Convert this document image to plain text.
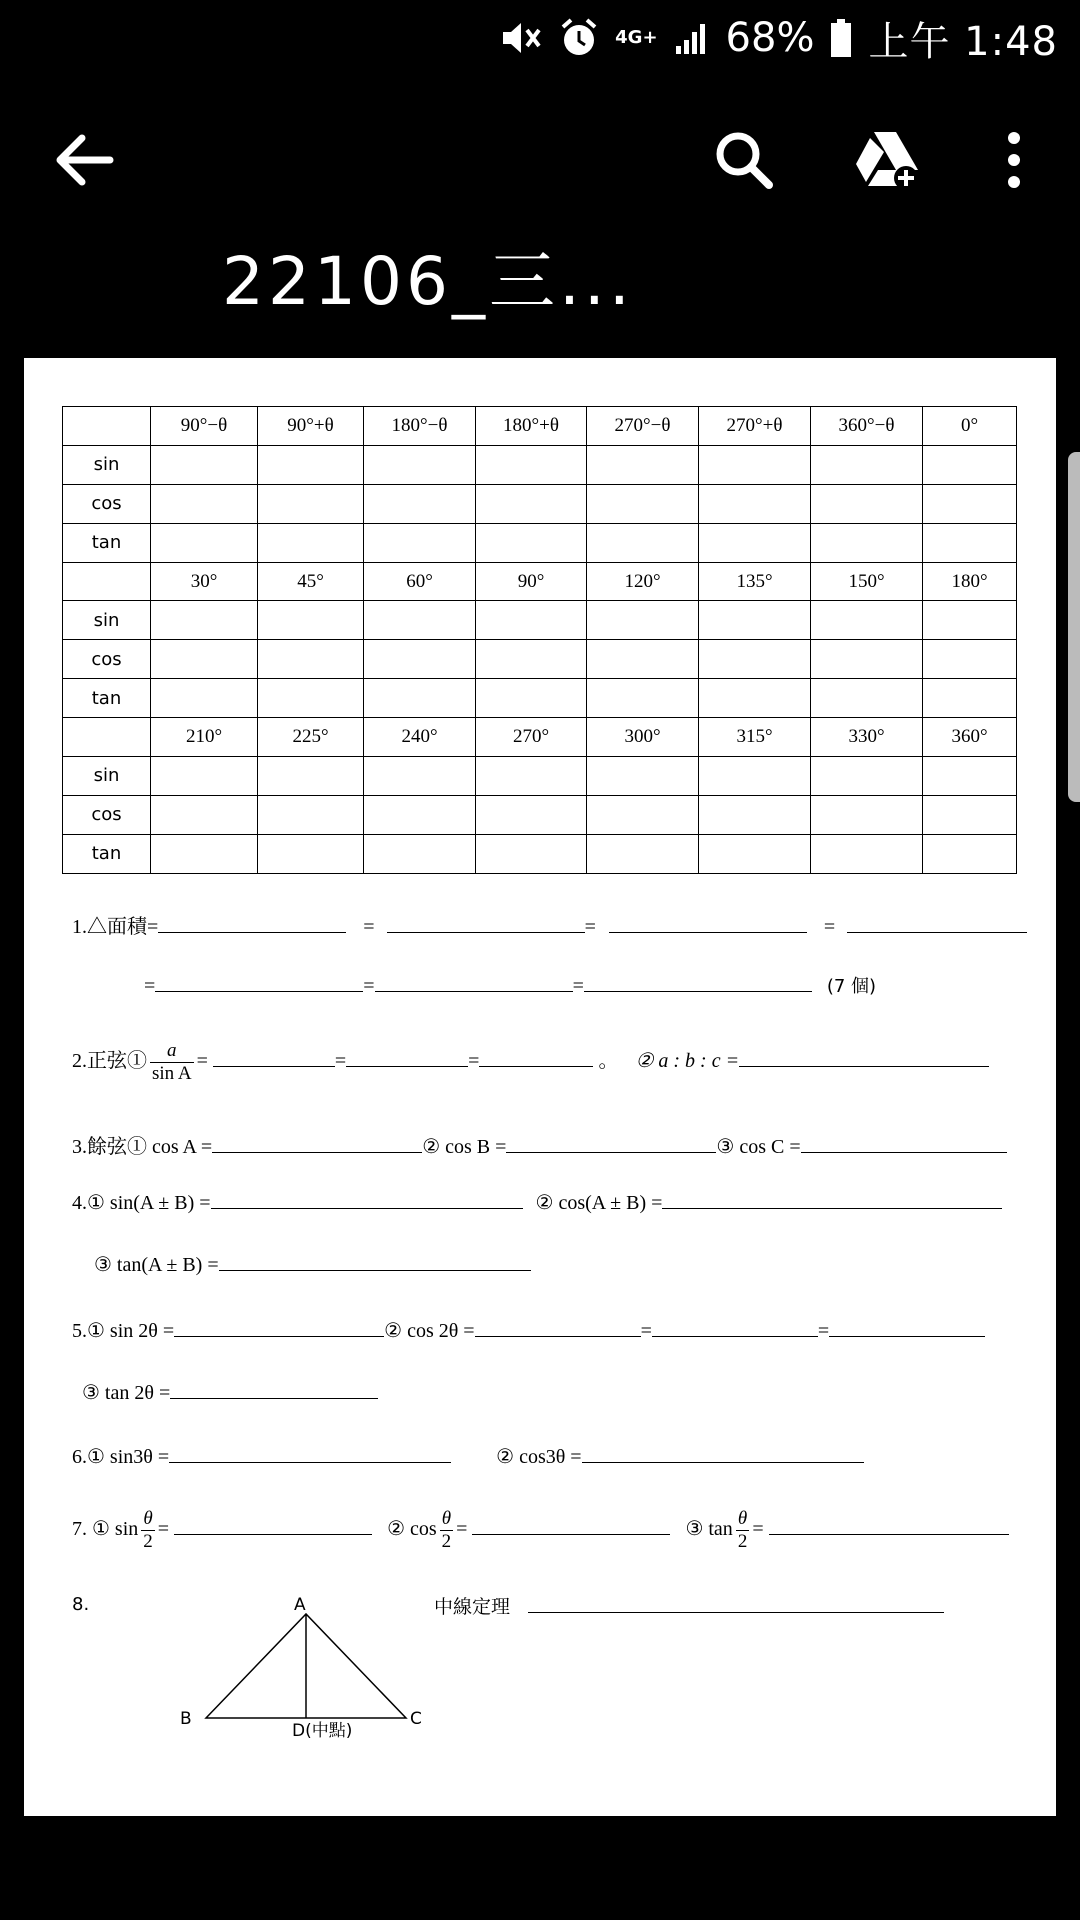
4G+ 68% 上午 1:48
22106_三...
	90°−θ	90°+θ	180°−θ	180°+θ	270°−θ	270°+θ	360°−θ	0°
sin								
cos								
tan								
	30°	45°	60°	90°	120°	135°	150°	180°
sin								
cos								
tan								
	210°	225°	240°	270°	300°	315°	330°	360°
sin								
cos								
tan								
1.△面積=	=	=	=
=	=	=	(7 個)
2.正弦① $\frac{a}{\text{sin A}}$ =	=	=	。 ② a : b : c =
3.餘弦① cos A =	② cos B =	③ cos C =
4.① sin(A ± B) =	② cos(A ± B) =
③ tan(A ± B) =
5.① sin 2θ =	② cos 2θ =	=	=
③ tan 2θ =
6.① sin3θ =	② cos3θ =
7. ① $\sin \frac{\theta}{2}$ =	② $\cos \frac{\theta}{2}$ =	③ $\tan \frac{\theta}{2}$ =
8.	A
B	C
D(中點)
中線定理
